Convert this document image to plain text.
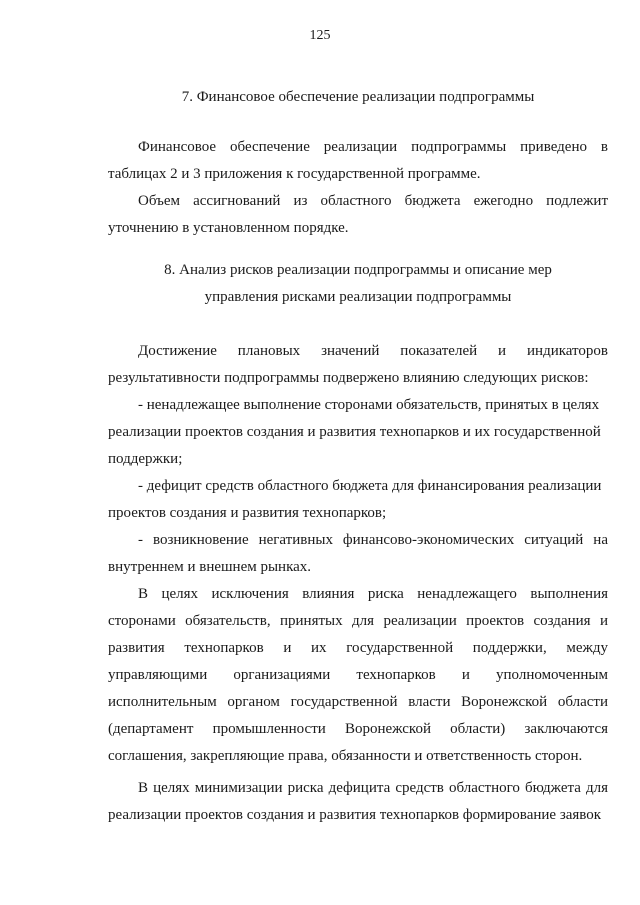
125
7. Финансовое обеспечение реализации подпрограммы
Финансовое обеспечение реализации подпрограммы приведено в
таблицах 2 и 3 приложения к государственной программе.
Объем ассигнований из областного бюджета ежегодно подлежит
уточнению в установленном порядке.
8. Анализ рисков реализации подпрограммы и описание мер
управления рисками реализации подпрограммы
Достижение плановых значений показателей и индикаторов
результативности подпрограммы подвержено влиянию следующих рисков:
- ненадлежащее выполнение сторонами обязательств, принятых в целях
реализации проектов создания и развития технопарков и их государственной
поддержки;
- дефицит средств областного бюджета для финансирования реализации
проектов создания и развития технопарков;
- возникновение негативных финансово-экономических ситуаций на
внутреннем и внешнем рынках.
В целях исключения влияния риска ненадлежащего выполнения
сторонами обязательств, принятых для реализации проектов создания и
развития технопарков и их государственной поддержки, между
управляющими организациями технопарков и уполномоченным
исполнительным органом государственной власти Воронежской области
(департамент промышленности Воронежской области) заключаются
соглашения, закрепляющие права, обязанности и ответственность сторон.
В целях минимизации риска дефицита средств областного бюджета для
реализации проектов создания и развития технопарков формирование заявок
